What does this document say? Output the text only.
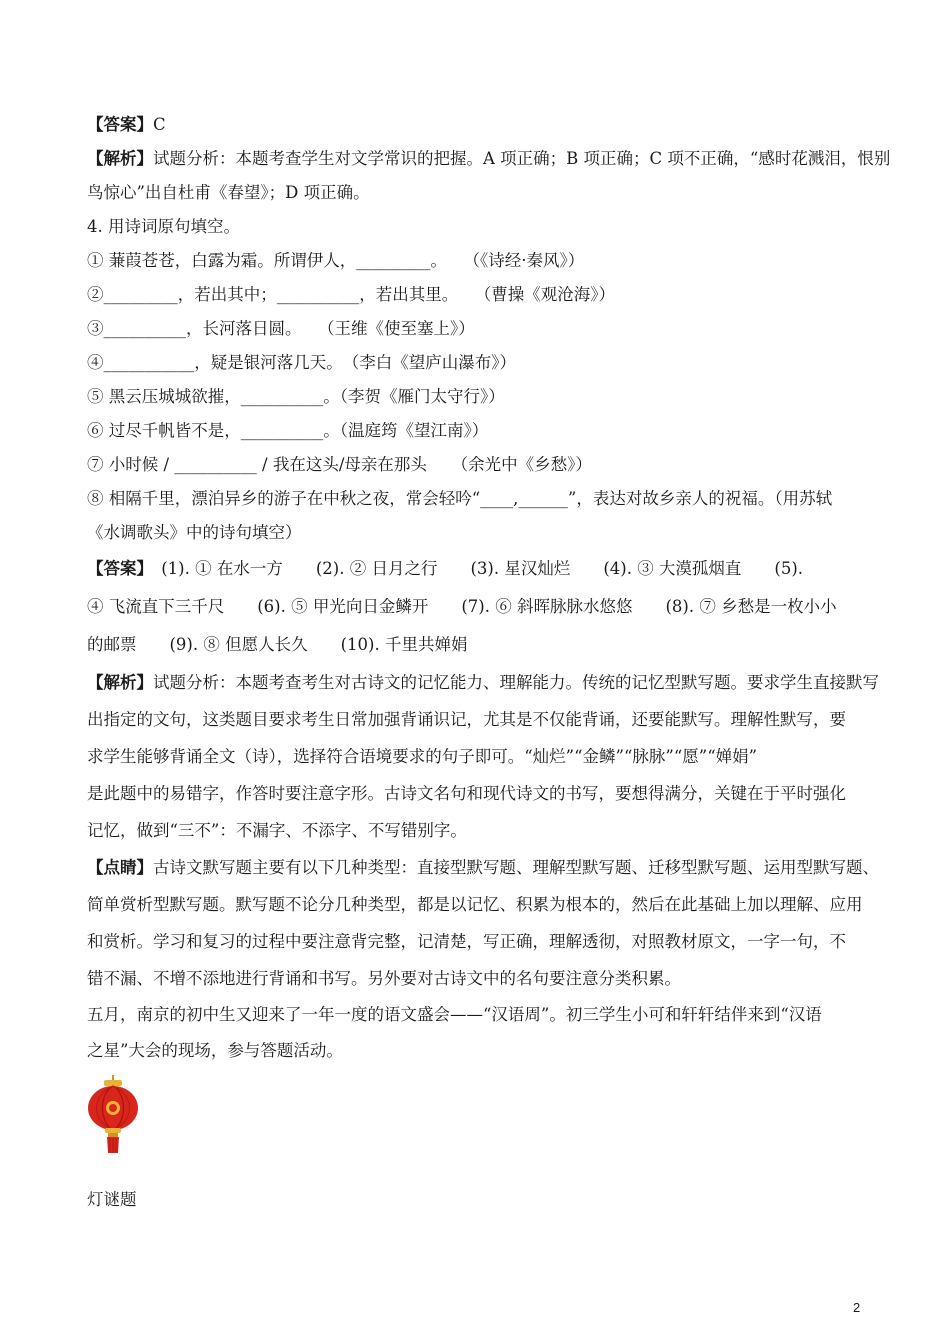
【答案】C
【解析】试题分析：本题考查学生对文学常识的把握。A 项正确；B 项正确；C 项不正确，“感时花溅泪，恨别
鸟惊心”出自杜甫《春望》；D 项正确。
4. 用诗词原句填空。
① 蒹葭苍苍，白露为霜。所谓伊人，_________。　　（《诗经·秦风》）
②_________，若出其中；__________，若出其里。　　（曹操《观沧海》）
③__________，长河落日圆。　　（王维《使至塞上》）
④___________，疑是银河落几天。　（李白《望庐山瀑布》）
⑤ 黑云压城城欲摧，__________。（李贺《雁门太守行》）
⑥ 过尽千帆皆不是，__________。（温庭筠《望江南》）
⑦ 小时候 / __________ / 我在这头/母亲在那头　　（余光中《乡愁》）
⑧ 相隔千里，漂泊异乡的游子在中秋之夜，常会轻吟“____,______”，表达对故乡亲人的祝福。（用苏轼
《水调歌头》中的诗句填空）
【答案】　(1). ① 在水一方　　(2). ② 日月之行　　(3). 星汉灿烂　　(4). ③ 大漠孤烟直　　(5).
④ 飞流直下三千尺　　(6). ⑤ 甲光向日金鳞开　　(7). ⑥ 斜晖脉脉水悠悠　　(8). ⑦ 乡愁是一枚小小
的邮票　　(9). ⑧ 但愿人长久　　(10). 千里共婵娟
【解析】试题分析：本题考查考生对古诗文的记忆能力、理解能力。传统的记忆型默写题。要求学生直接默写
出指定的文句，这类题目要求考生日常加强背诵识记，尤其是不仅能背诵，还要能默写。理解性默写，要
求学生能够背诵全文（诗），选择符合语境要求的句子即可。“灿烂”“金鳞”“脉脉”“愿”“婵娟”
是此题中的易错字，作答时要注意字形。古诗文名句和现代诗文的书写，要想得满分，关键在于平时强化
记忆，做到“三不”：不漏字、不添字、不写错别字。
【点睛】古诗文默写题主要有以下几种类型：直接型默写题、理解型默写题、迁移型默写题、运用型默写题、
简单赏析型默写题。默写题不论分几种类型，都是以记忆、积累为根本的，然后在此基础上加以理解、应用
和赏析。学习和复习的过程中要注意背完整，记清楚，写正确，理解透彻，对照教材原文，一字一句，不
错不漏、不增不添地进行背诵和书写。另外要对古诗文中的名句要注意分类积累。
五月，南京的初中生又迎来了一年一度的语文盛会——“汉语周”。初三学生小可和轩轩结伴来到“汉语
之星”大会的现场，参与答题活动。
灯谜题
2
